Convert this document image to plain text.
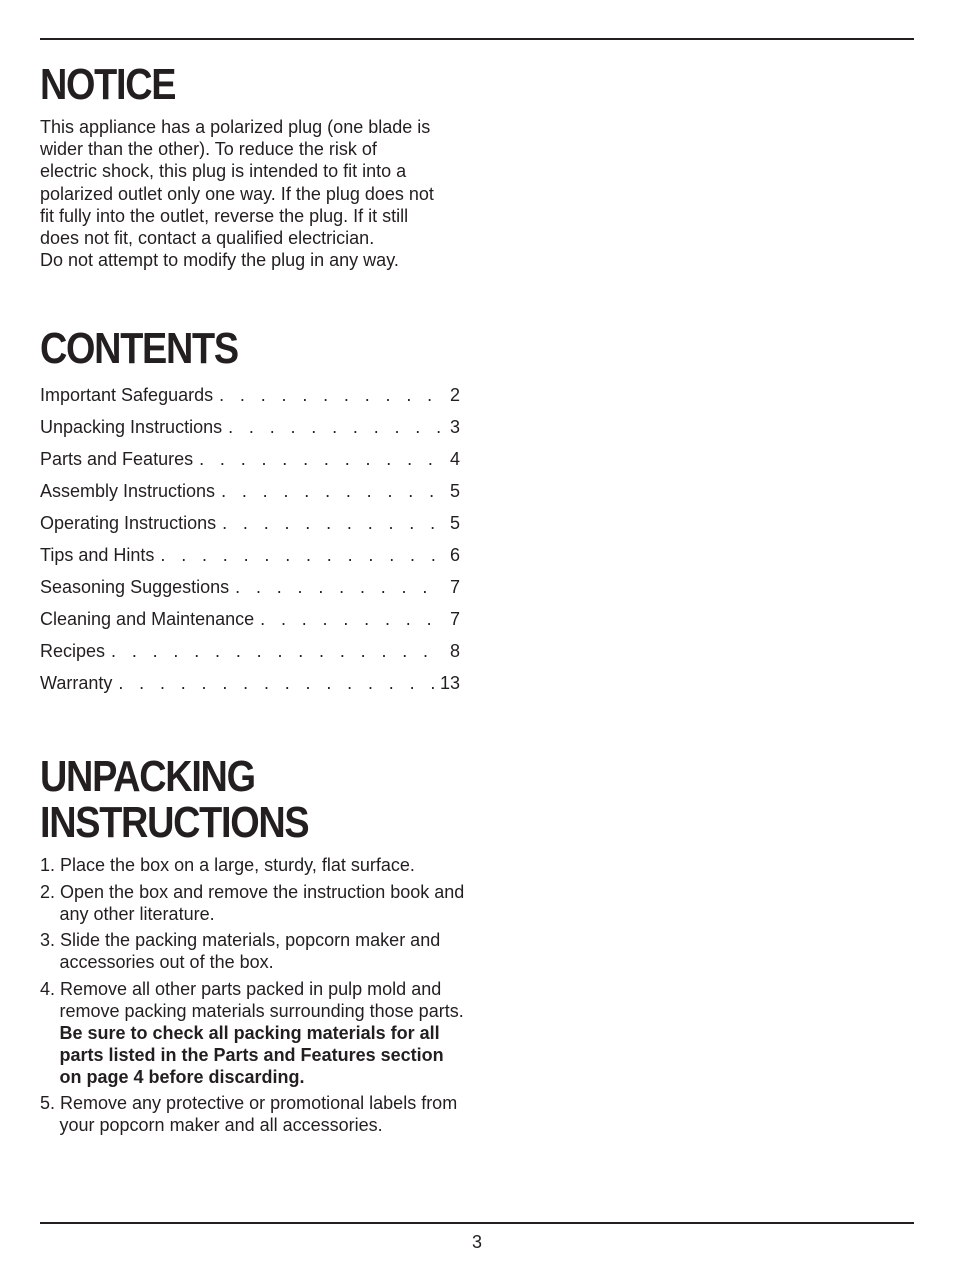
NOTICE

This appliance has a polarized plug (one blade is
wider than the other). To reduce the risk of
electric shock, this plug is intended to fit into a
polarized outlet only one way. If the plug does not
fit fully into the outlet, reverse the plug. If it still
does not fit, contact a qualified electrician.
Do not attempt to modify the plug in any way.

CONTENTS
Important Safeguards . . .	2
Unpacking Instructions . . .	3
Parts and Features . . .	4
Assembly Instructions . . .	5
Operating Instructions . . .	5
Tips and Hints . . .	6
Seasoning Suggestions . . .	7
Cleaning and Maintenance . . .	7
Recipes . . .	8
Warranty . . .	13
UNPACKING
INSTRUCTIONS
1. Place the box on a large, sturdy, flat surface.
2. Open the box and remove the instruction book and any other literature.
3. Slide the packing materials, popcorn maker and accessories out of the box.
4. Remove all other parts packed in pulp mold and remove packing materials surrounding those parts. Be sure to check all packing materials for all parts listed in the Parts and Features section on page 4 before discarding.
5. Remove any protective or promotional labels from your popcorn maker and all accessories.
3
